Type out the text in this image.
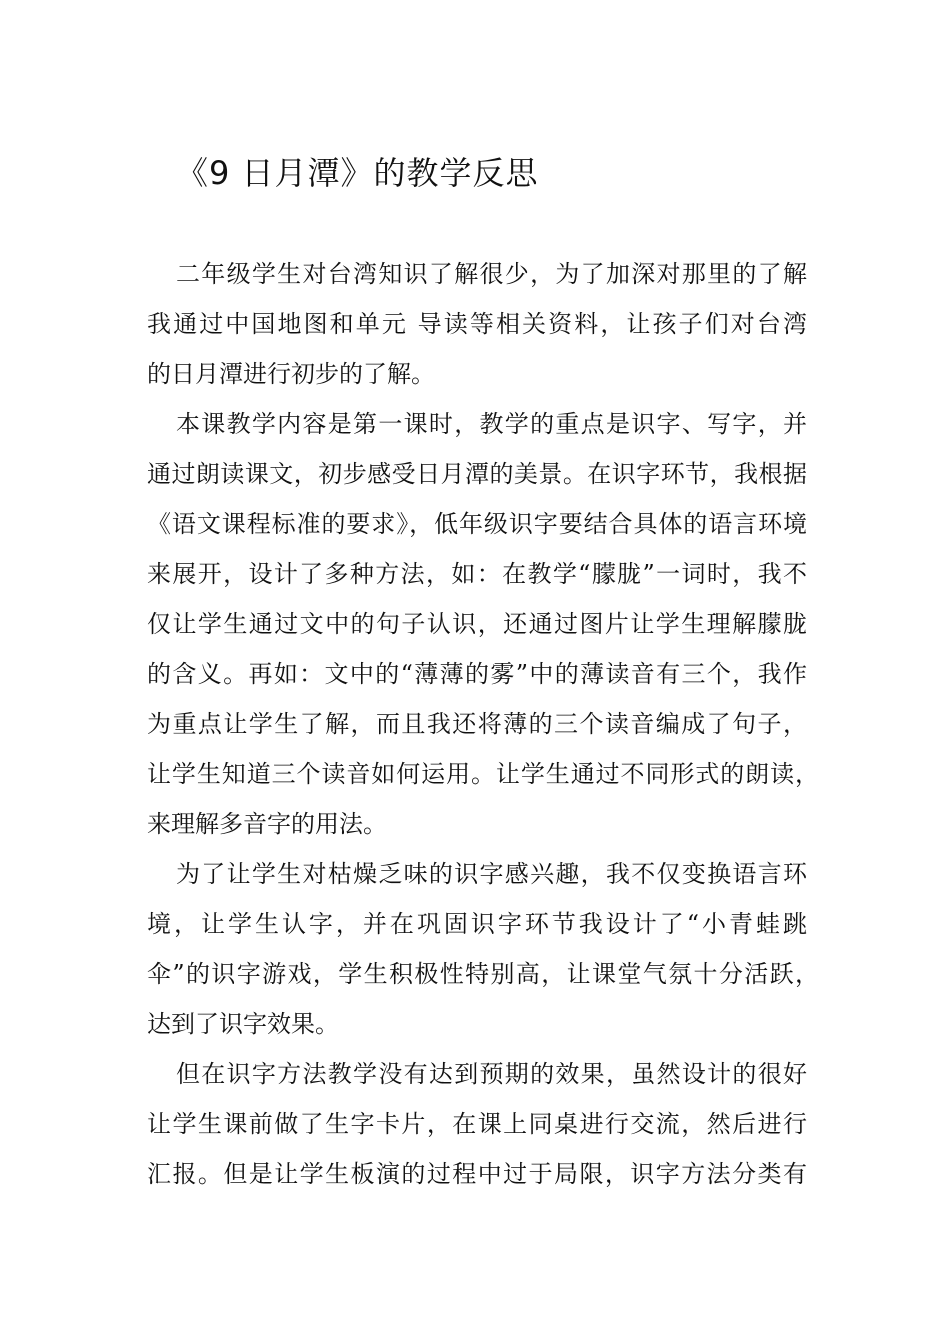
《9 日月潭》的教学反思
二年级学生对台湾知识了解很少，为了加深对那里的了解
我通过中国地图和单元 导读等相关资料，让孩子们对台湾
的日月潭进行初步的了解。
本课教学内容是第一课时，教学的重点是识字、写字，并
通过朗读课文，初步感受日月潭的美景。在识字环节，我根据
《语文课程标准的要求》，低年级识字要结合具体的语言环境
来展开，设计了多种方法，如：在教学“朦胧”一词时，我不
仅让学生通过文中的句子认识，还通过图片让学生理解朦胧
的含义。再如：文中的“薄薄的雾”中的薄读音有三个，我作
为重点让学生了解，而且我还将薄的三个读音编成了句子，
让学生知道三个读音如何运用。让学生通过不同形式的朗读，
来理解多音字的用法。
为了让学生对枯燥乏味的识字感兴趣，我不仅变换语言环
境，让学生认字，并在巩固识字环节我设计了“小青蛙跳
伞”的识字游戏，学生积极性特别高，让课堂气氛十分活跃，
达到了识字效果。
但在识字方法教学没有达到预期的效果，虽然设计的很好
让学生课前做了生字卡片，在课上同桌进行交流，然后进行
汇报。但是让学生板演的过程中过于局限，识字方法分类有
